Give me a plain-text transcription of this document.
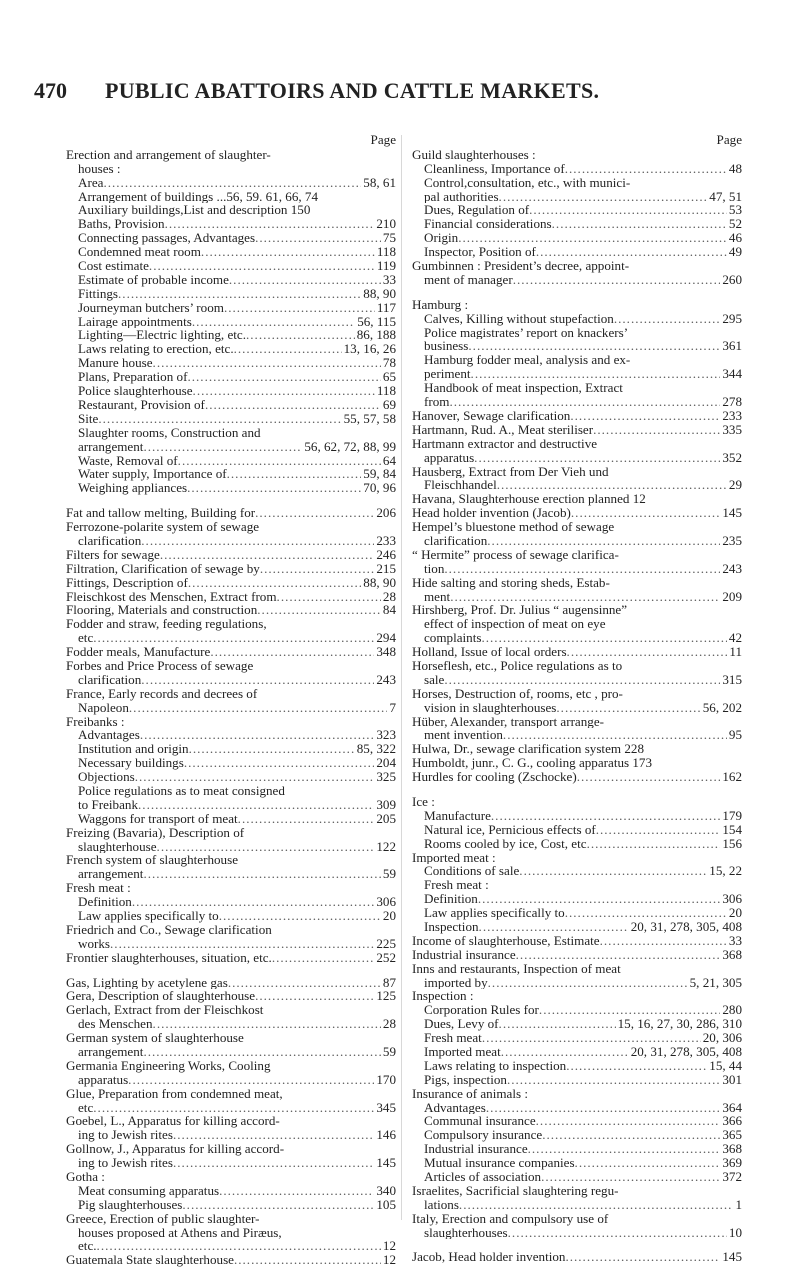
470 PUBLIC ABATTOIRS AND CATTLE MARKETS.
Page
Erection and arrangement of slaughter-
houses :
Area .....	58, 61
Arrangement of buildings ...56, 59. 61, 66, 74
Auxiliary buildings,List and description 150
Baths, Provision .....	210
Connecting passages, Advantages .....	75
Condemned meat room .....	118
Cost estimate .....	119
Estimate of probable income .....	33
Fittings .....	88, 90
Journeyman butchers’ room .....	117
Lairage appointments .....	56, 115
Lighting—Electric lighting, etc. .....	86, 188
Laws relating to erection, etc. .....	13, 16, 26
Manure house .....	78
Plans, Preparation of .....	65
Police slaughterhouse .....	118
Restaurant, Provision of .....	69
Site .....	55, 57, 58
Slaughter rooms, Construction and
arrangement .....	56, 62, 72, 88, 99
Waste, Removal of .....	64
Water supply, Importance of .....	59, 84
Weighing appliances .....	70, 96
Fat and tallow melting, Building for .....	206
Ferrozone-polarite system of sewage
clarification .....	233
Filters for sewage .....	246
Filtration, Clarification of sewage by .....	215
Fittings, Description of .....	88, 90
Fleischkost des Menschen, Extract from .....	28
Flooring, Materials and construction .....	84
Fodder and straw, feeding regulations,
etc .....	294
Fodder meals, Manufacture .....	348
Forbes and Price Process of sewage
clarification .....	243
France, Early records and decrees of
Napoleon .....	7
Freibanks :
Advantages .....	323
Institution and origin .....	85, 322
Necessary buildings .....	204
Objections .....	325
Police regulations as to meat consigned
to Freibank .....	309
Waggons for transport of meat .....	205
Freizing (Bavaria), Description of
slaughterhouse .....	122
French system of slaughterhouse
arrangement .....	59
Fresh meat :
Definition .....	306
Law applies specifically to .....	20
Friedrich and Co., Sewage clarification
works .....	225
Frontier slaughterhouses, situation, etc. .....	252
Gas, Lighting by acetylene gas .....	87
Gera, Description of slaughterhouse .....	125
Gerlach, Extract from der Fleischkost
des Menschen .....	28
German system of slaughterhouse
arrangement .....	59
Germania Engineering Works, Cooling
apparatus .....	170
Glue, Preparation from condemned meat,
etc .....	345
Goebel, L., Apparatus for killing accord-
ing to Jewish rites .....	146
Gollnow, J., Apparatus for killing accord-
ing to Jewish rites .....	145
Gotha :
Meat consuming apparatus .....	340
Pig slaughterhouses .....	105
Greece, Erection of public slaughter-
houses proposed at Athens and Piræus,
etc. .....	12
Guatemala State slaughterhouse .....	12
Page
Guild slaughterhouses :
Cleanliness, Importance of .....	48
Control,consultation, etc., with munici-
pal authorities .....	47, 51
Dues, Regulation of .....	53
Financial considerations .....	52
Origin .....	46
Inspector, Position of .....	49
Gumbinnen : President’s decree, appoint-
ment of manager .....	260
Hamburg :
Calves, Killing without stupefaction .....	295
Police magistrates’ report on knackers’
business .....	361
Hamburg fodder meal, analysis and ex-
periment .....	344
Handbook of meat inspection, Extract
from .....	278
Hanover, Sewage clarification .....	233
Hartmann, Rud. A., Meat steriliser .....	335
Hartmann extractor and destructive
apparatus .....	352
Hausberg, Extract from Der Vieh und
Fleischhandel .....	29
Havana, Slaughterhouse erection planned 12
Head holder invention (Jacob) .....	145
Hempel’s bluestone method of sewage
clarification .....	235
“ Hermite” process of sewage clarifica-
tion .....	243
Hide salting and storing sheds, Estab-
ment .....	209
Hirshberg, Prof. Dr. Julius “ augensinne”
effect of inspection of meat on eye
complaints .....	42
Holland, Issue of local orders .....	11
Horseflesh, etc., Police regulations as to
sale .....	315
Horses, Destruction of, rooms, etc , pro-
vision in slaughterhouses .....	56, 202
Hüber, Alexander, transport arrange-
ment invention .....	95
Hulwa, Dr., sewage clarification system 228
Humboldt, junr., C. G., cooling apparatus 173
Hurdles for cooling (Zschocke) .....	162
Ice :
Manufacture .....	179
Natural ice, Pernicious effects of .....	154
Rooms cooled by ice, Cost, etc .....	156
Imported meat :
Conditions of sale .....	15, 22
Fresh meat :
Definition .....	306
Law applies specifically to .....	20
Inspection .....	20, 31, 278, 305, 408
Income of slaughterhouse, Estimate .....	33
Industrial insurance .....	368
Inns and restaurants, Inspection of meat
imported by .....	5, 21, 305
Inspection :
Corporation Rules for .....	280
Dues, Levy of .....	15, 16, 27, 30, 286, 310
Fresh meat .....	20, 306
Imported meat .....	20, 31, 278, 305, 408
Laws relating to inspection .....	15, 44
Pigs, inspection .....	301
Insurance of animals :
Advantages .....	364
Communal insurance .....	366
Compulsory insurance .....	365
Industrial insurance .....	368
Mutual insurance companies .....	369
Articles of association .....	372
Israelites, Sacrificial slaughtering regu-
lations .....	1
Italy, Erection and compulsory use of
slaughterhouses .....	10
Jacob, Head holder invention .....	145
